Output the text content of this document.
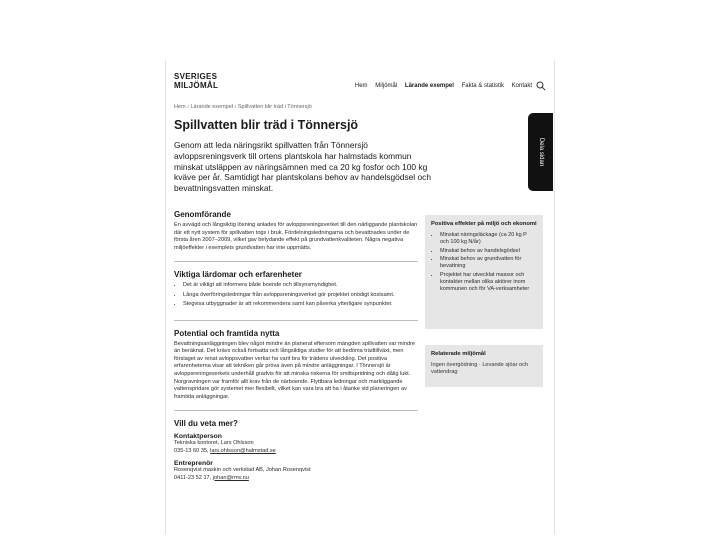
SVERIGES
MILJÖMÅL	Hem Miljömål Lärande exempel Fakta & statistik Kontakt
Hem › Lärande exempel › Spillvatten blir träd i Tönnersjö
Spillvatten blir träd i Tönnersjö

Genom att leda näringsrikt spillvatten från Tönnersjö avloppsreningsverk till ortens plantskola har halmstads kommun minskat utsläppen av näringsämnen med ca 20 kg fosfor och 100 kg kväve per år. Samtidigt har plantskolans behov av handelsgödsel och bevattningsvatten minskat.

Genomförande

En avvägd och långsiktig lösning anlades för avloppsreningsverket till den närliggande plantskolan där ett nytt system för spillvatten togs i bruk. Fördelningsledningarna och bevattnades under de första åren 2007–2009, vilket gav betydande effekt på grundvattenkvaliteten. Några negativa miljöeffekter i exemplets grundvatten har inte uppmätts.

Viktiga lärdomar och erfarenheter
• Det är viktigt att informera både boende och tillsynsmyndighet.
• Långa överföringsledningar från avloppsreningsverket gör projektet onödigt kostsamt.
• Stegvisa utbyggnader är att rekommendera samt kan påverka ytterligare synpunkter.
Potential och framtida nytta

Bevattningsanläggningen blev något mindre än planerat eftersom mängden spillvatten var mindre än beräknat. Det krävs också fortsatta och långsiktiga studier för att bedöma trädtillväxt, men förslaget av renat avloppsvatten verkar ha varit bra för trädens utveckling. Det positiva erfarenheterna visar att tekniken går pröva även på mindre anläggningar. I Tönnersjö är avloppsreningsverkets underhåll gradvis för att minska riskerna för smittspridning och dålig lukt. Norgravningen var framför allt krav från de närboende. Flyttbara ledningar och markliggande vattenspridare gör systemet mer flexibelt, vilket kan vara bra att ha i åtanke vid planeringen av framtida anläggningar.

Vill du veta mer?
Kontaktperson

Tekniska kontoret, Lars Ohlsson

035-13 60 35, lars.ohlsson@halmstad.se

Entreprenör

Rosenqvist maskin och verkstad AB, Johan Rosenqvist

0411-23 52 17, johan@rmv.nu

Positiva effekter på miljö och ekonomi
• Minskat näringsläckage (ca 20 kg P och 100 kg N/år)
• Minskat behov av handelsgödsel
• Minskat behov av grundvatten för bevattning
• Projektet har utvecklat massor och kontakter mellan olika aktörer inom kommunen och för VA-verksamheter
Relaterade miljömål

Ingen övergödning · Levande sjöar och vattendrag

Dela sidan
